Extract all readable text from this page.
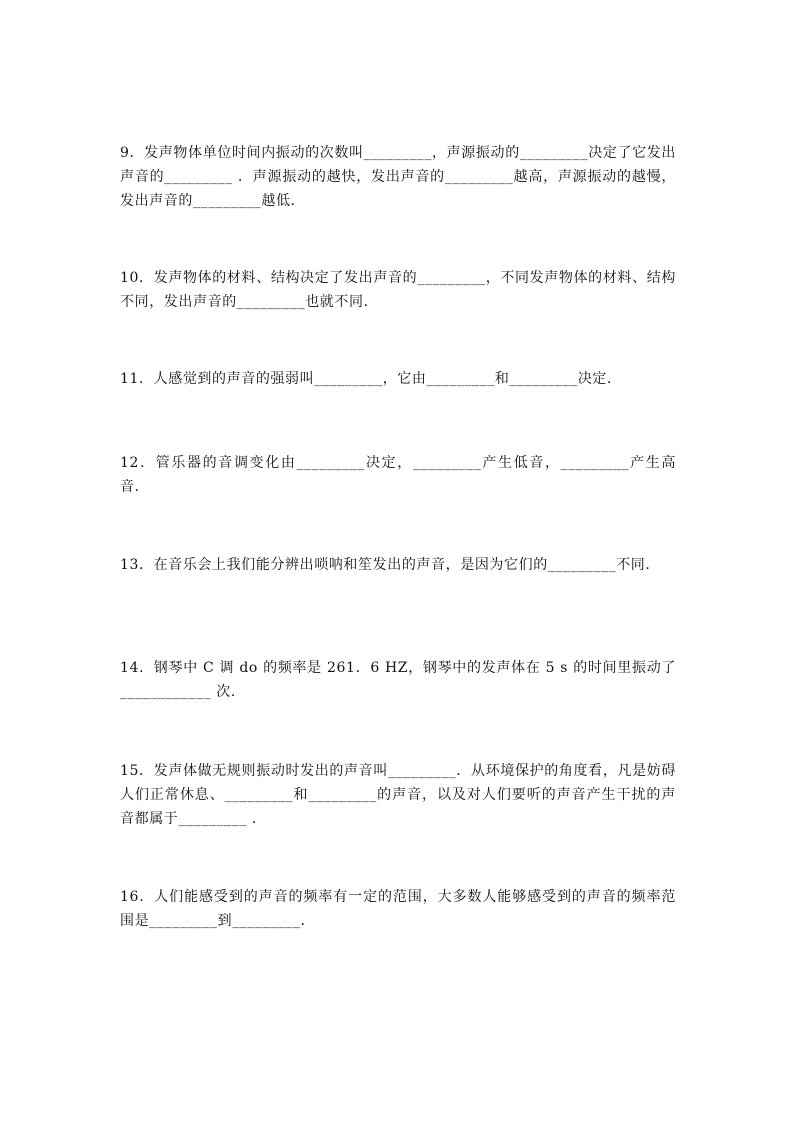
9．发声物体单位时间内振动的次数叫_________，声源振动的_________决定了它发出声音的_________ ．声源振动的越快，发出声音的_________越高，声源振动的越慢，发出声音的_________越低．

10．发声物体的材料、结构决定了发出声音的_________，不同发声物体的材料、结构不同，发出声音的_________也就不同．

11．人感觉到的声音的强弱叫_________，它由_________和_________决定．

12．管乐器的音调变化由_________决定，_________产生低音，_________产生高音．

13．在音乐会上我们能分辨出唢呐和笙发出的声音，是因为它们的_________不同．

14．钢琴中 C 调 do 的频率是 261．6 HZ，钢琴中的发声体在 5 s 的时间里振动了____________ 次．

15．发声体做无规则振动时发出的声音叫_________．从环境保护的角度看，凡是妨碍人们正常休息、_________和_________的声音，以及对人们要听的声音产生干扰的声音都属于_________ ．

16．人们能感受到的声音的频率有一定的范围，大多数人能够感受到的声音的频率范围是_________到_________．
